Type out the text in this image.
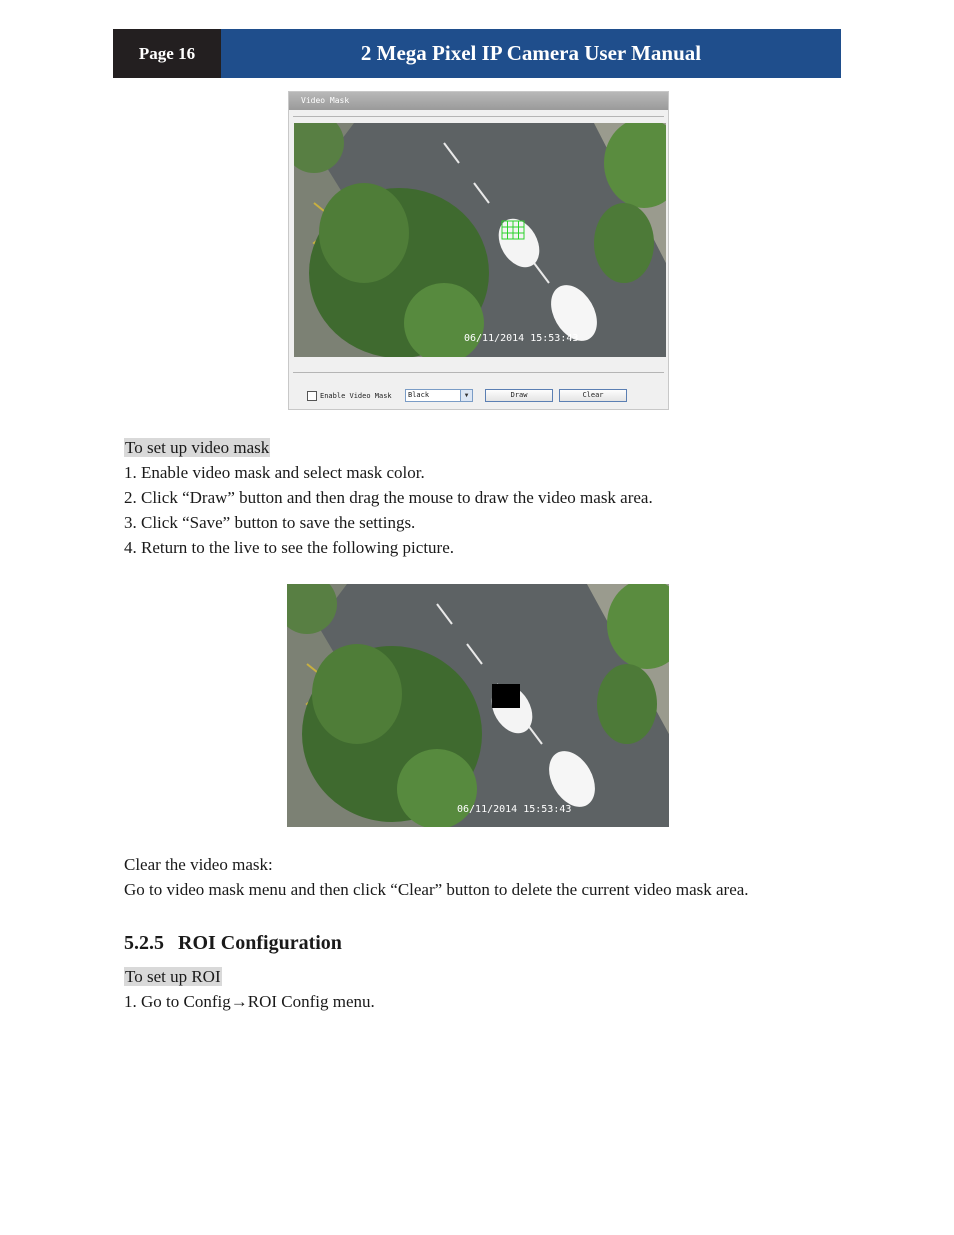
Page 16	2 Mega Pixel IP Camera User Manual
Video Mask
06/11/2014 15:53:43
Enable Video Mask	Black	▼	Draw	Clear
To set up video mask
1. Enable video mask and select mask color.
2. Click “Draw” button and then drag the mouse to draw the video mask area.
3. Click “Save” button to save the settings.
4. Return to the live to see the following picture.
06/11/2014 15:53:43
Clear the video mask:
Go to video mask menu and then click “Clear” button to delete the current video mask area.
5.2.5 ROI Configuration
To set up ROI
1. Go to Config→ROI Config menu.
